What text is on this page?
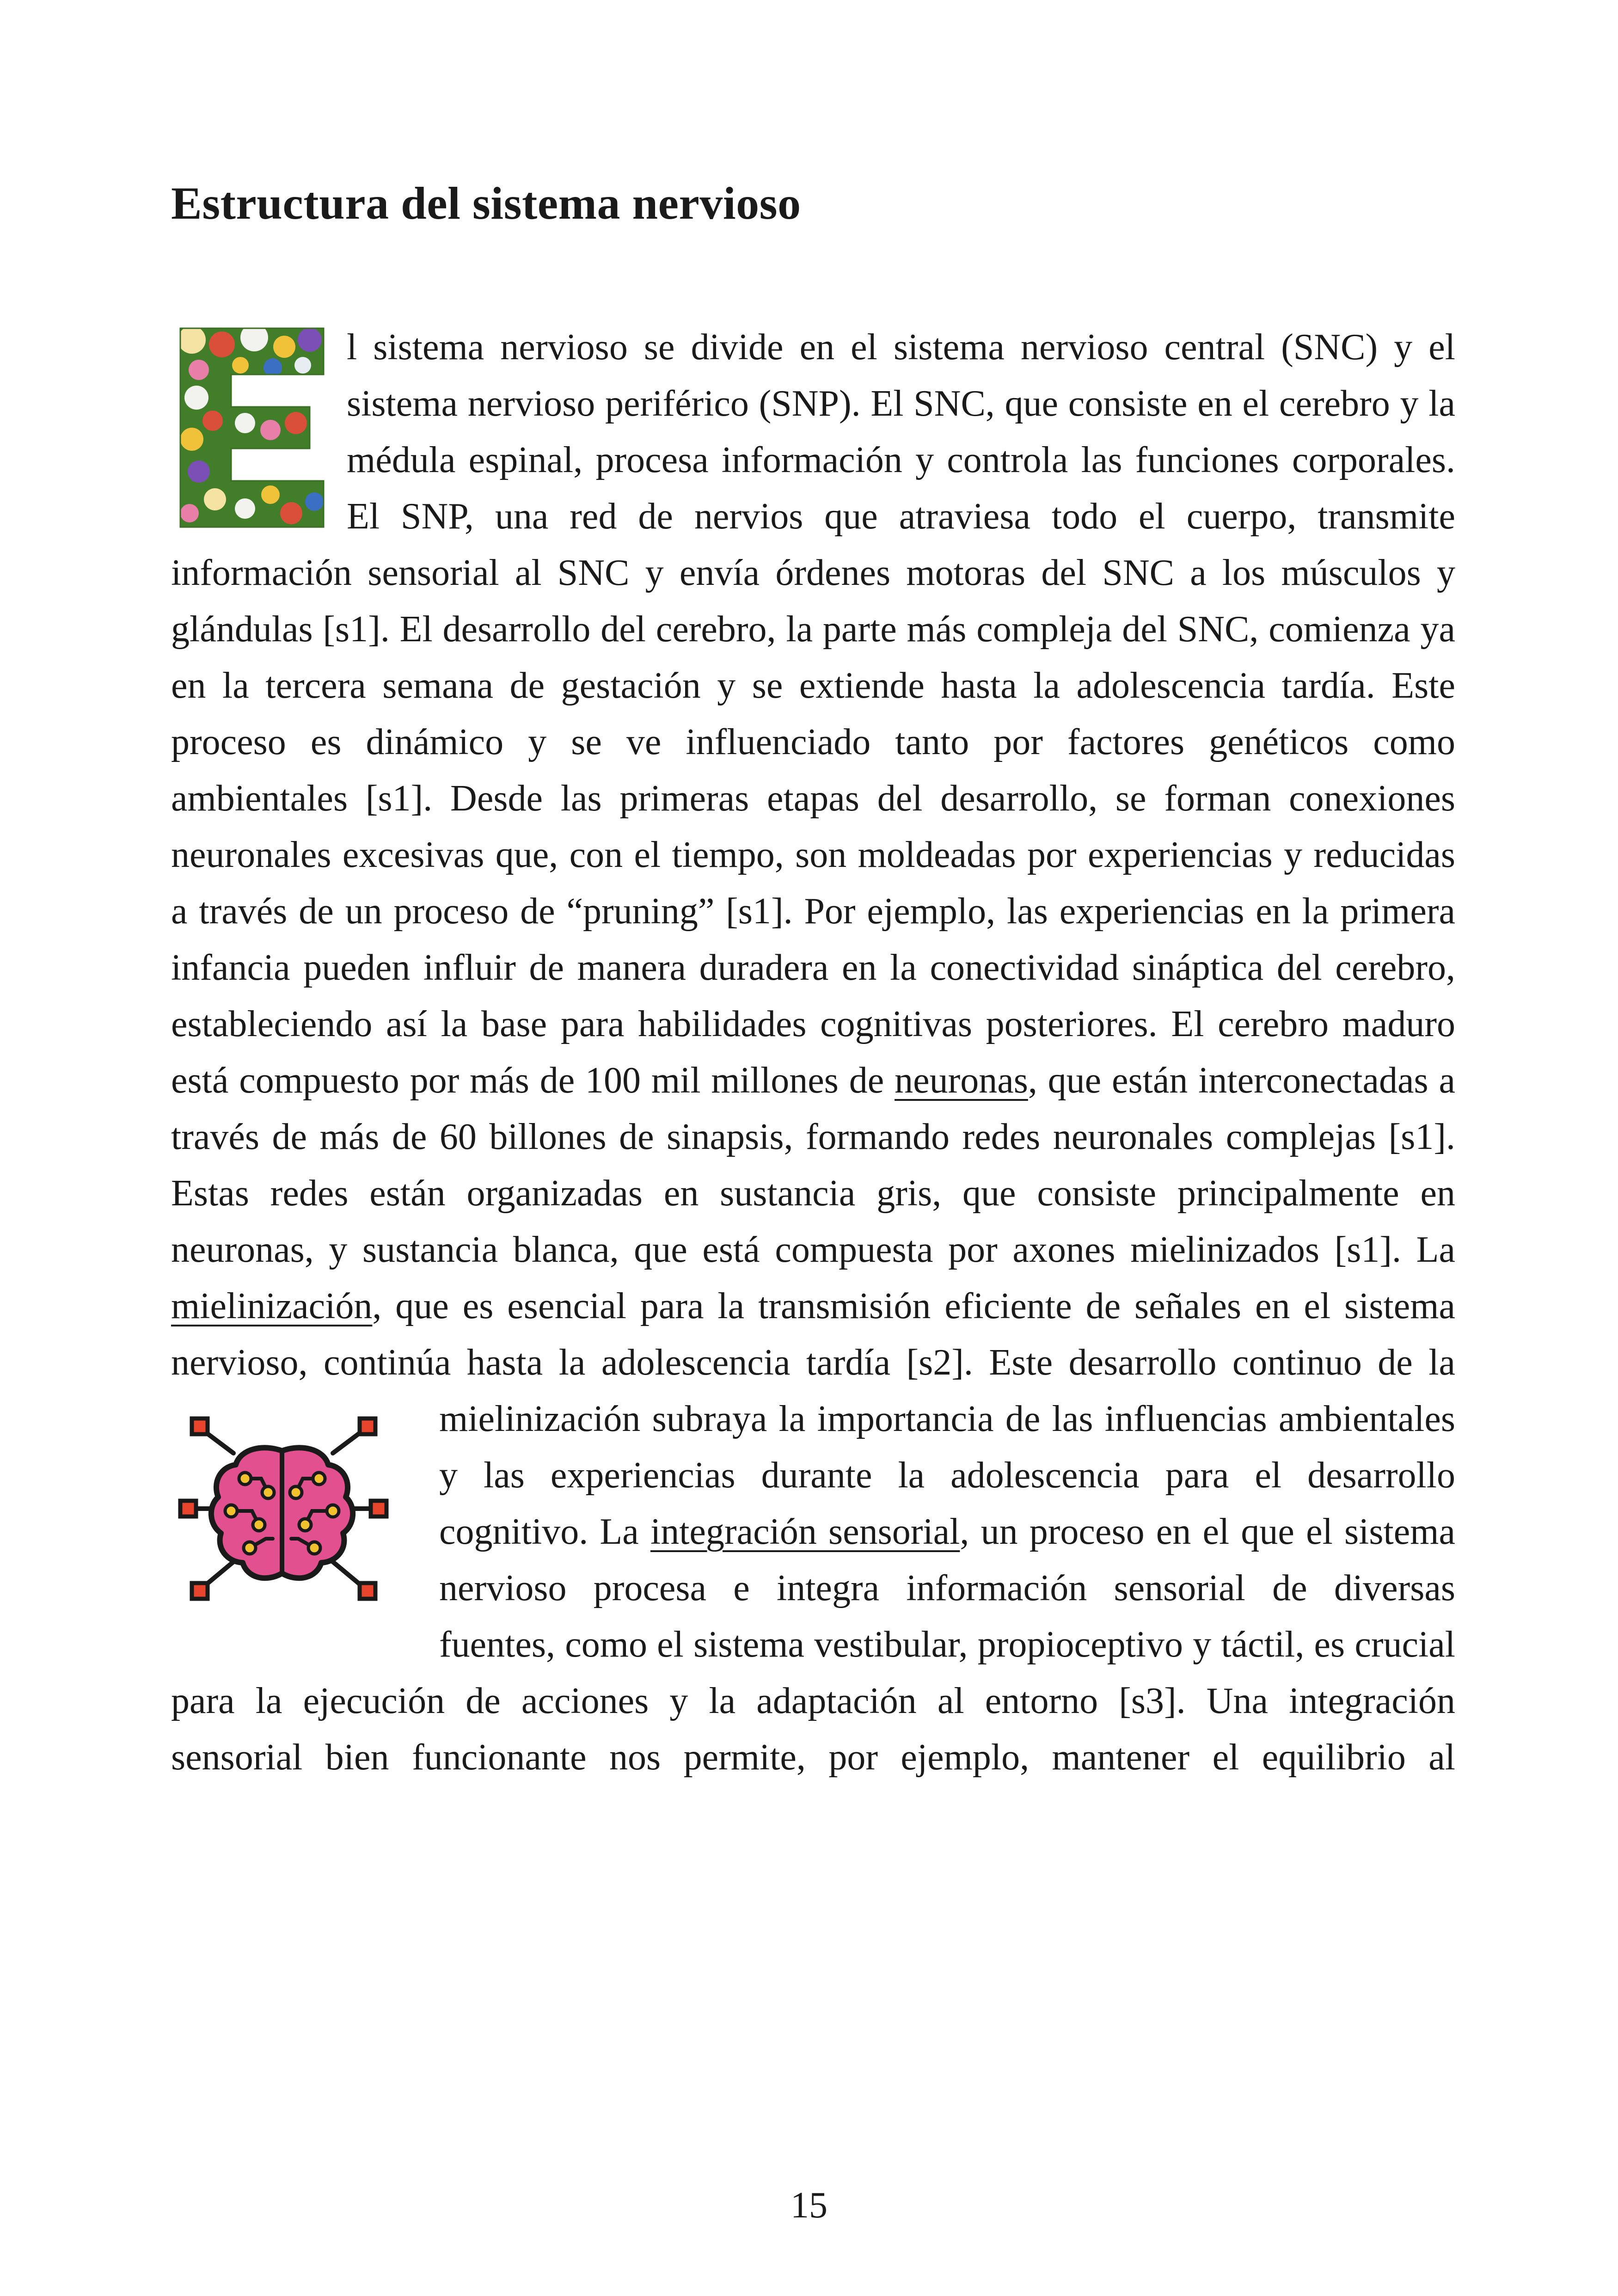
Estructura del sistema nervioso

l sistema nervioso se divide en el sistema nervioso central (SNC) y el sistema nervioso periférico (SNP). El SNC, que consiste en el cerebro y la médula espinal, procesa información y controla las funciones corporales. El SNP, una red de nervios que atraviesa todo el cuerpo, transmite información sensorial al SNC y envía órdenes motoras del SNC a los músculos y glándulas [s1]. El desarrollo del cerebro, la parte más compleja del SNC, comienza ya en la tercera semana de gestación y se extiende hasta la adolescencia tardía. Este proceso es dinámico y se ve influenciado tanto por factores genéticos como ambientales [s1]. Desde las primeras etapas del desarrollo, se forman conexiones neuronales excesivas que, con el tiempo, son moldeadas por experiencias y reducidas a través de un proceso de “pruning” [s1]. Por ejemplo, las experiencias en la primera infancia pueden influir de manera duradera en la conectividad sináptica del cerebro, estableciendo así la base para habilidades cognitivas posteriores. El cerebro maduro está compuesto por más de 100 mil millones de neuronas, que están interconectadas a través de más de 60 billones de sinapsis, formando redes neuronales complejas [s1]. Estas redes están organizadas en sustancia gris, que consiste principalmente en neuronas, y sustancia blanca, que está compuesta por axones mielinizados [s1]. La mielinización, que es esencial para la transmisión eficiente de señales en el sistema nervioso, continúa hasta la adolescencia tardía [s2]. Este desarrollo continuo de
la mielinización subraya la importancia de las influencias ambientales y las experiencias durante la adolescencia para el desarrollo cognitivo. La integración sensorial, un proceso en el que el sistema nervioso procesa e integra información sensorial de diversas fuentes, como el sistema vestibular, propioceptivo y táctil, es crucial para la ejecución de acciones y la adaptación al entorno [s3]. Una integración sensorial bien funcionante nos permite, por ejemplo, mantener el equilibrio al

15
